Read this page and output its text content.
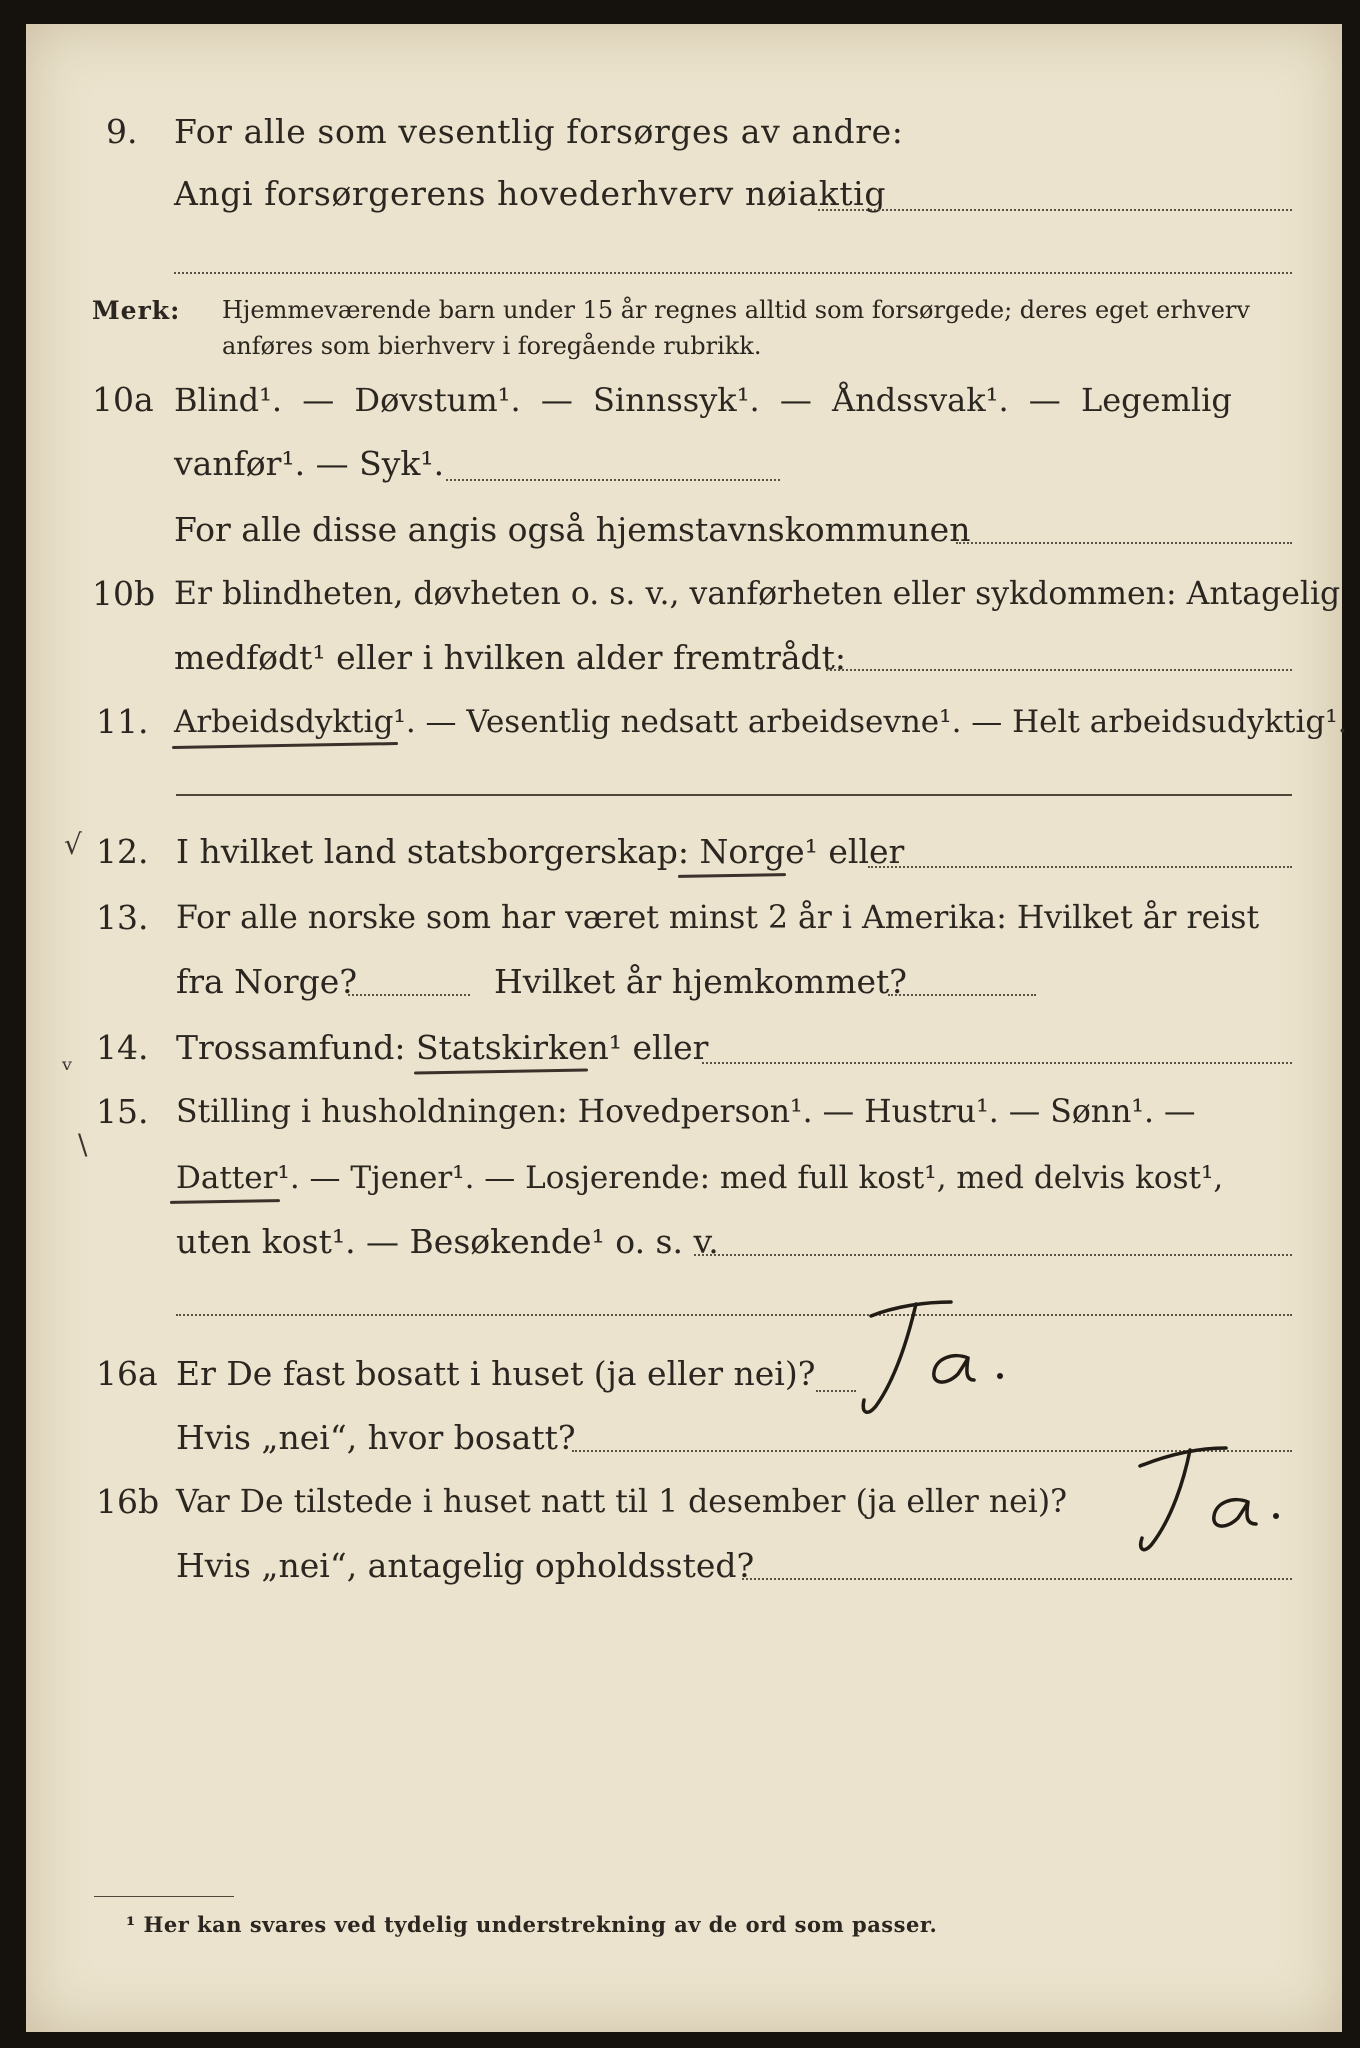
9. For alle som vesentlig forsørges av andre:
Angi forsørgerens hovederhverv nøiaktig
Merk: Hjemmeværende barn under 15 år regnes alltid som forsørgede; deres eget erhverv
anføres som bierhverv i foregående rubrikk.
10a Blind¹. — Døvstum¹. — Sinnssyk¹. — Åndssvak¹. — Legemlig
vanfør¹. — Syk¹.
For alle disse angis også hjemstavnskommunen
10b Er blindheten, døvheten o. s. v., vanførheten eller sykdommen: Antagelig
medfødt¹ eller i hvilken alder fremtrådt:
11. Arbeidsdyktig¹. — Vesentlig nedsatt arbeidsevne¹. — Helt arbeidsudyktig¹.
√ 12. I hvilket land statsborgerskap: Norge¹ eller
13. For alle norske som har været minst 2 år i Amerika: Hvilket år reist
fra Norge?	Hvilket år hjemkommet?
ᵥ 14. Trossamfund: Statskirken¹ eller
\
15. Stilling i husholdningen: Hovedperson¹. — Hustru¹. — Sønn¹. —
Datter¹. — Tjener¹. — Losjerende: med full kost¹, med delvis kost¹,
uten kost¹. — Besøkende¹ o. s. v.
16a Er De fast bosatt i huset (ja eller nei)?
Hvis „nei“, hvor bosatt?
16b Var De tilstede i huset natt til 1 desember (ja eller nei)?
Hvis „nei“, antagelig opholdssted?
¹ Her kan svares ved tydelig understrekning av de ord som passer.
